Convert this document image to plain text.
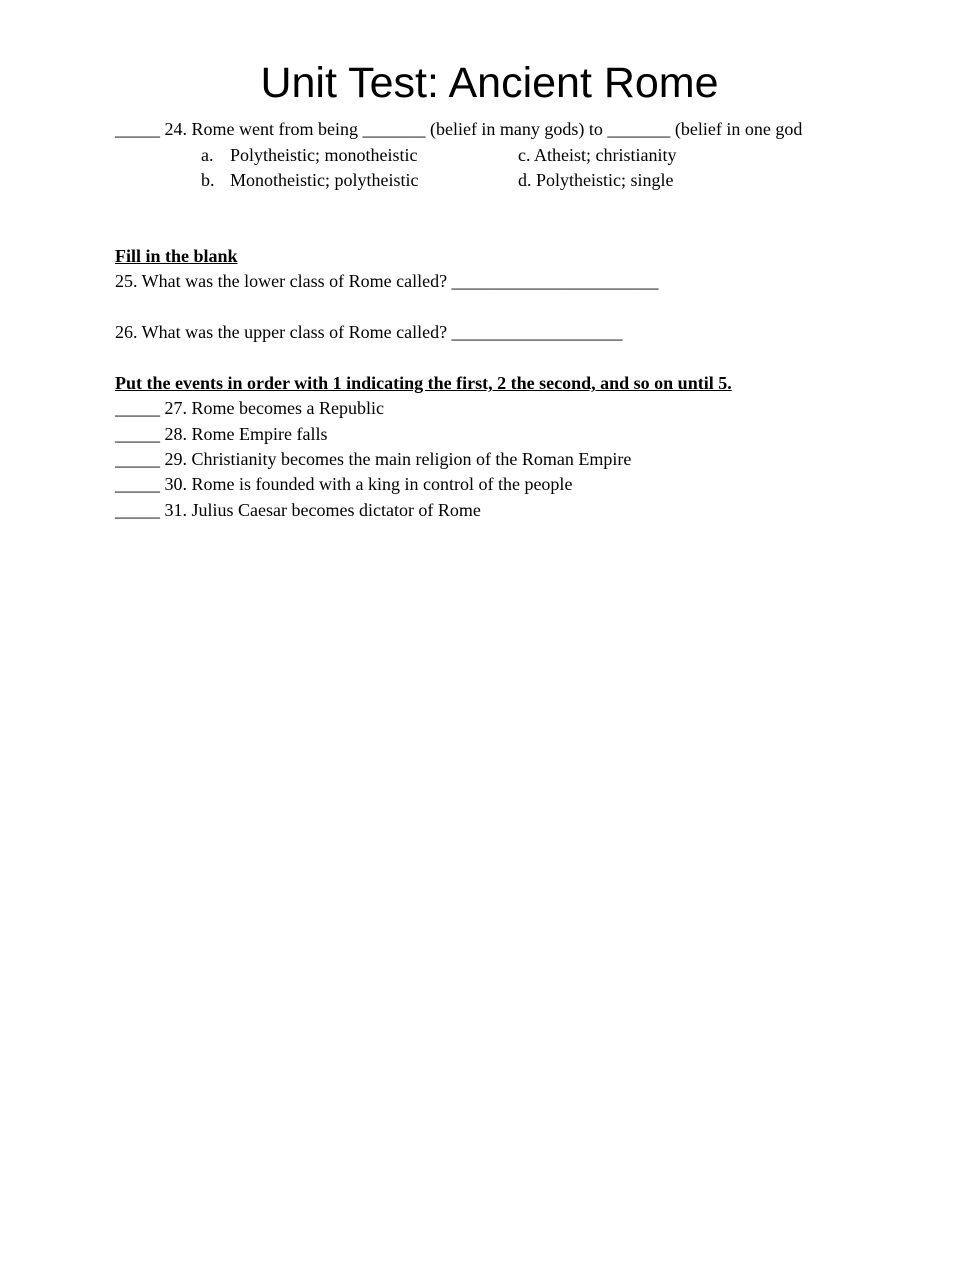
Unit Test: Ancient Rome
_____ 24. Rome went from being _______ (belief in many gods) to _______ (belief in one god
a. Polytheistic; monotheistic	c. Atheist; christianity
b. Monotheistic; polytheistic	d. Polytheistic; single
Fill in the blank
25. What was the lower class of Rome called? _______________________
26. What was the upper class of Rome called? ___________________
Put the events in order with 1 indicating the first, 2 the second, and so on until 5.
_____ 27. Rome becomes a Republic
_____ 28. Rome Empire falls
_____ 29. Christianity becomes the main religion of the Roman Empire
_____ 30. Rome is founded with a king in control of the people
_____ 31. Julius Caesar becomes dictator of Rome
